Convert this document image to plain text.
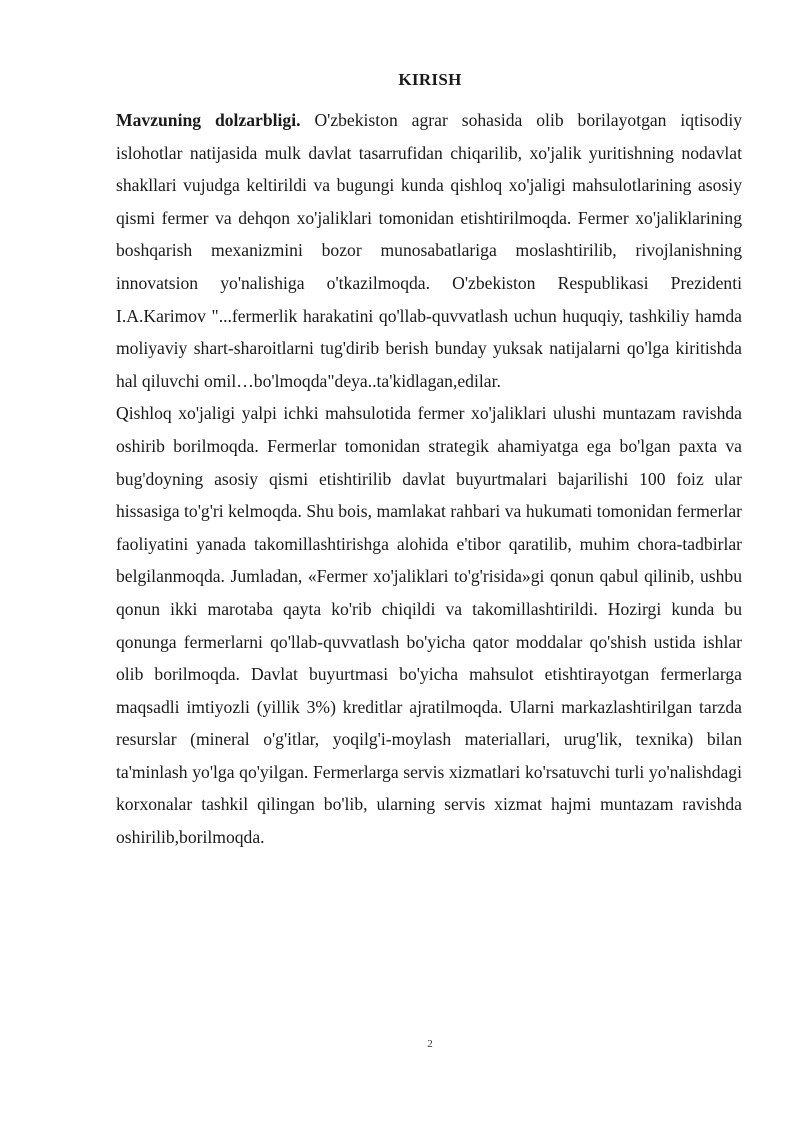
KIRISH

Mavzuning dolzarbligi. O'zbekiston agrar sohasida olib borilayotgan iqtisodiy islohotlar natijasida mulk davlat tasarrufidan chiqarilib, xo'jalik yuritishning nodavlat shakllari vujudga keltirildi va bugungi kunda qishloq xo'jaligi mahsulotlarining asosiy qismi fermer va dehqon xo'jaliklari tomonidan etishtirilmoqda. Fermer xo'jaliklarining boshqarish mexanizmini bozor munosabatlariga moslashtirilib, rivojlanishning innovatsion yo'nalishiga o'tkazilmoqda. O'zbekiston Respublikasi Prezidenti I.A.Karimov "...fermerlik harakatini qo'llab-quvvatlash uchun huquqiy, tashkiliy hamda moliyaviy shart-sharoitlarni tug'dirib berish bunday yuksak natijalarni qo'lga kiritishda hal qiluvchi omil…bo'lmoqda"deya..ta'kidlagan,edilar.

Qishloq xo'jaligi yalpi ichki mahsulotida fermer xo'jaliklari ulushi muntazam ravishda oshirib borilmoqda. Fermerlar tomonidan strategik ahamiyatga ega bo'lgan paxta va bug'doyning asosiy qismi etishtirilib davlat buyurtmalari bajarilishi 100 foiz ular hissasiga to'g'ri kelmoqda. Shu bois, mamlakat rahbari va hukumati tomonidan fermerlar faoliyatini yanada takomillashtirishga alohida e'tibor qaratilib, muhim chora-tadbirlar belgilanmoqda. Jumladan, «Fermer xo'jaliklari to'g'risida»gi qonun qabul qilinib, ushbu qonun ikki marotaba qayta ko'rib chiqildi va takomillashtirildi. Hozirgi kunda bu qonunga fermerlarni qo'llab-quvvatlash bo'yicha qator moddalar qo'shish ustida ishlar olib borilmoqda. Davlat buyurtmasi bo'yicha mahsulot etishtirayotgan fermerlarga maqsadli imtiyozli (yillik 3%) kreditlar ajratilmoqda. Ularni markazlashtirilgan tarzda resurslar (mineral o'g'itlar, yoqilg'i-moylash materiallari, urug'lik, texnika) bilan ta'minlash yo'lga qo'yilgan. Fermerlarga servis xizmatlari ko'rsatuvchi turli yo'nalishdagi korxonalar tashkil qilingan bo'lib, ularning servis xizmat hajmi muntazam ravishda oshirilib,borilmoqda.

2
